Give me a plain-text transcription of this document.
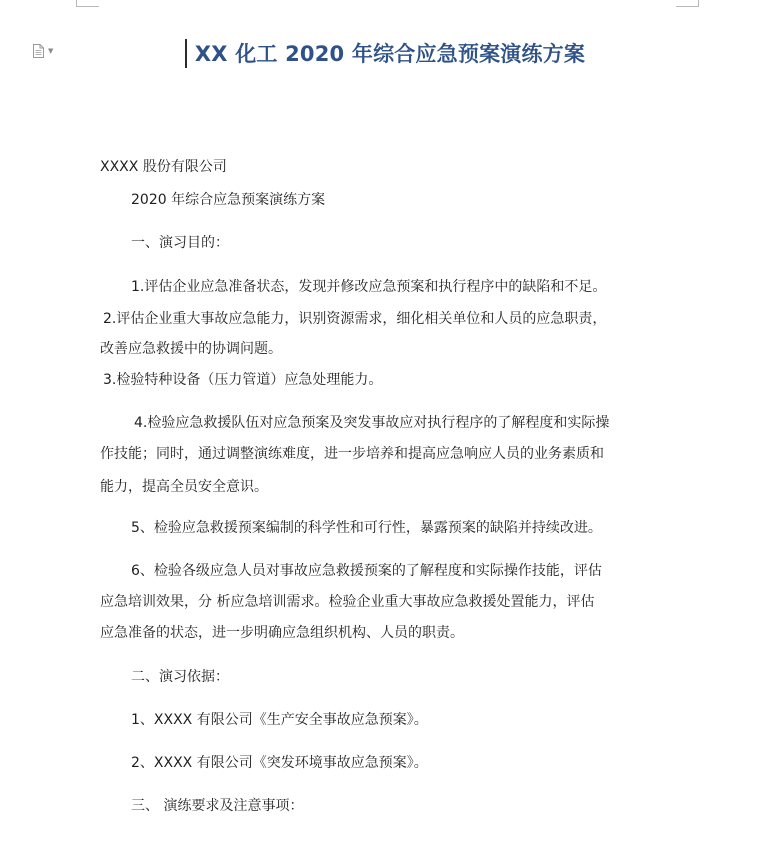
▼	XX 化工 2020 年综合应急预案演练方案
XXXX 股份有限公司
2020 年综合应急预案演练方案
一、演习目的：
1.评估企业应急准备状态，发现并修改应急预案和执行程序中的缺陷和不足。
2.评估企业重大事故应急能力，识别资源需求，细化相关单位和人员的应急职责，
改善应急救援中的协调问题。
3.检验特种设备（压力管道）应急处理能力。
4.检验应急救援队伍对应急预案及突发事故应对执行程序的了解程度和实际操
作技能；同时，通过调整演练难度，进一步培养和提高应急响应人员的业务素质和
能力，提高全员安全意识。
5、检验应急救援预案编制的科学性和可行性，暴露预案的缺陷并持续改进。
6、检验各级应急人员对事故应急救援预案的了解程度和实际操作技能，评估
应急培训效果，分 析应急培训需求。检验企业重大事故应急救援处置能力，评估
应急准备的状态，进一步明确应急组织机构、人员的职责。
二、演习依据：
1、XXXX 有限公司《生产安全事故应急预案》。
2、XXXX 有限公司《突发环境事故应急预案》。
三、 演练要求及注意事项：
